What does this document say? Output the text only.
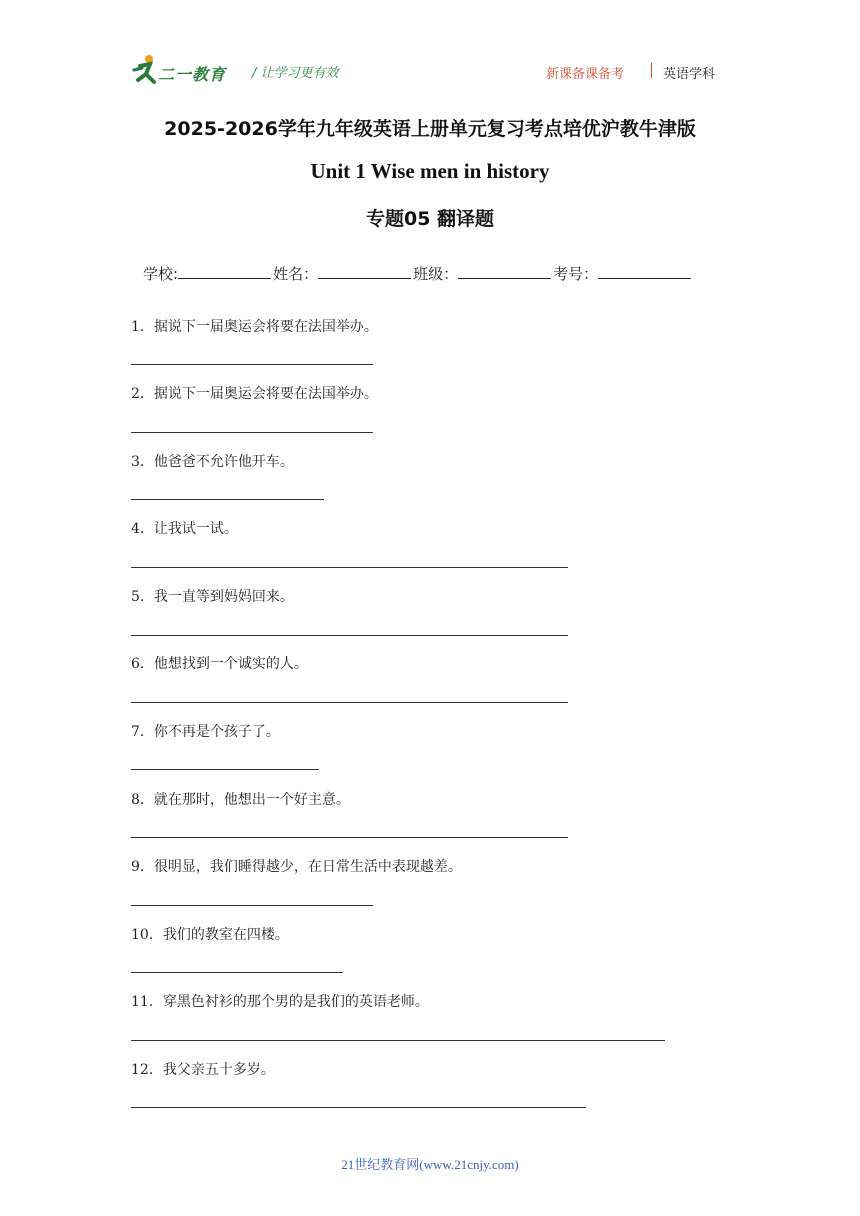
二一教育 / 让学习更有效	新课备课备考	英语学科
2025-2026学年九年级英语上册单元复习考点培优沪教牛津版
Unit 1 Wise men in history
专题05 翻译题
学校:	姓名：	班级：	考号：
1．据说下一届奥运会将要在法国举办。
2．据说下一届奥运会将要在法国举办。
3．他爸爸不允许他开车。
4．让我试一试。
5．我一直等到妈妈回来。
6．他想找到一个诚实的人。
7．你不再是个孩子了。
8．就在那时，他想出一个好主意。
9．很明显，我们睡得越少，在日常生活中表现越差。
10．我们的教室在四楼。
11．穿黑色衬衫的那个男的是我们的英语老师。
12．我父亲五十多岁。
21世纪教育网(www.21cnjy.com)
